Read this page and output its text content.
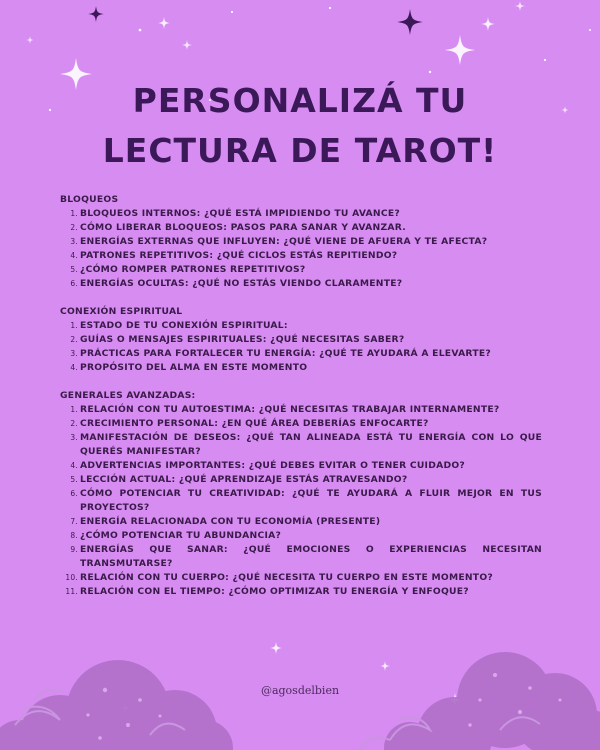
PERSONALIZÁ TU
LECTURA DE TAROT!

BLOQUEOS

1. BLOQUEOS INTERNOS: ¿QUÉ ESTÁ IMPIDIENDO TU AVANCE?
2. CÓMO LIBERAR BLOQUEOS: PASOS PARA SANAR Y AVANZAR.
3. ENERGÍAS EXTERNAS QUE INFLUYEN: ¿QUÉ VIENE DE AFUERA Y TE AFECTA?
4. PATRONES REPETITIVOS: ¿QUÉ CICLOS ESTÁS REPITIENDO?
5. ¿CÓMO ROMPER PATRONES REPETITIVOS?
6. ENERGÍAS OCULTAS: ¿QUÉ NO ESTÁS VIENDO CLARAMENTE?

CONEXIÓN ESPIRITUAL

1. ESTADO DE TU CONEXIÓN ESPIRITUAL:
2. GUÍAS O MENSAJES ESPIRITUALES: ¿QUÉ NECESITAS SABER?
3. PRÁCTICAS PARA FORTALECER TU ENERGÍA: ¿QUÉ TE AYUDARÁ A ELEVARTE?
4. PROPÓSITO DEL ALMA EN ESTE MOMENTO

GENERALES AVANZADAS:

1. RELACIÓN CON TU AUTOESTIMA: ¿QUÉ NECESITAS TRABAJAR INTERNAMENTE?
2. CRECIMIENTO PERSONAL: ¿EN QUÉ ÁREA DEBERÍAS ENFOCARTE?
3. MANIFESTACIÓN DE DESEOS: ¿QUÉ TAN ALINEADA ESTÁ TU ENERGÍA CON LO QUE QUERÉS MANIFESTAR?
4. ADVERTENCIAS IMPORTANTES: ¿QUÉ DEBES EVITAR O TENER CUIDADO?
5. LECCIÓN ACTUAL: ¿QUÉ APRENDIZAJE ESTÁS ATRAVESANDO?
6. CÓMO POTENCIAR TU CREATIVIDAD: ¿QUÉ TE AYUDARÁ A FLUIR MEJOR EN TUS PROYECTOS?
7. ENERGÍA RELACIONADA CON TU ECONOMÍA (PRESENTE)
8. ¿CÓMO POTENCIAR TU ABUNDANCIA?
9. ENERGÍAS QUE SANAR: ¿QUÉ EMOCIONES O EXPERIENCIAS NECESITAN TRANSMUTARSE?
10. RELACIÓN CON TU CUERPO: ¿QUÉ NECESITA TU CUERPO EN ESTE MOMENTO?
11. RELACIÓN CON EL TIEMPO: ¿CÓMO OPTIMIZAR TU ENERGÍA Y ENFOQUE?
@agosdelbien
